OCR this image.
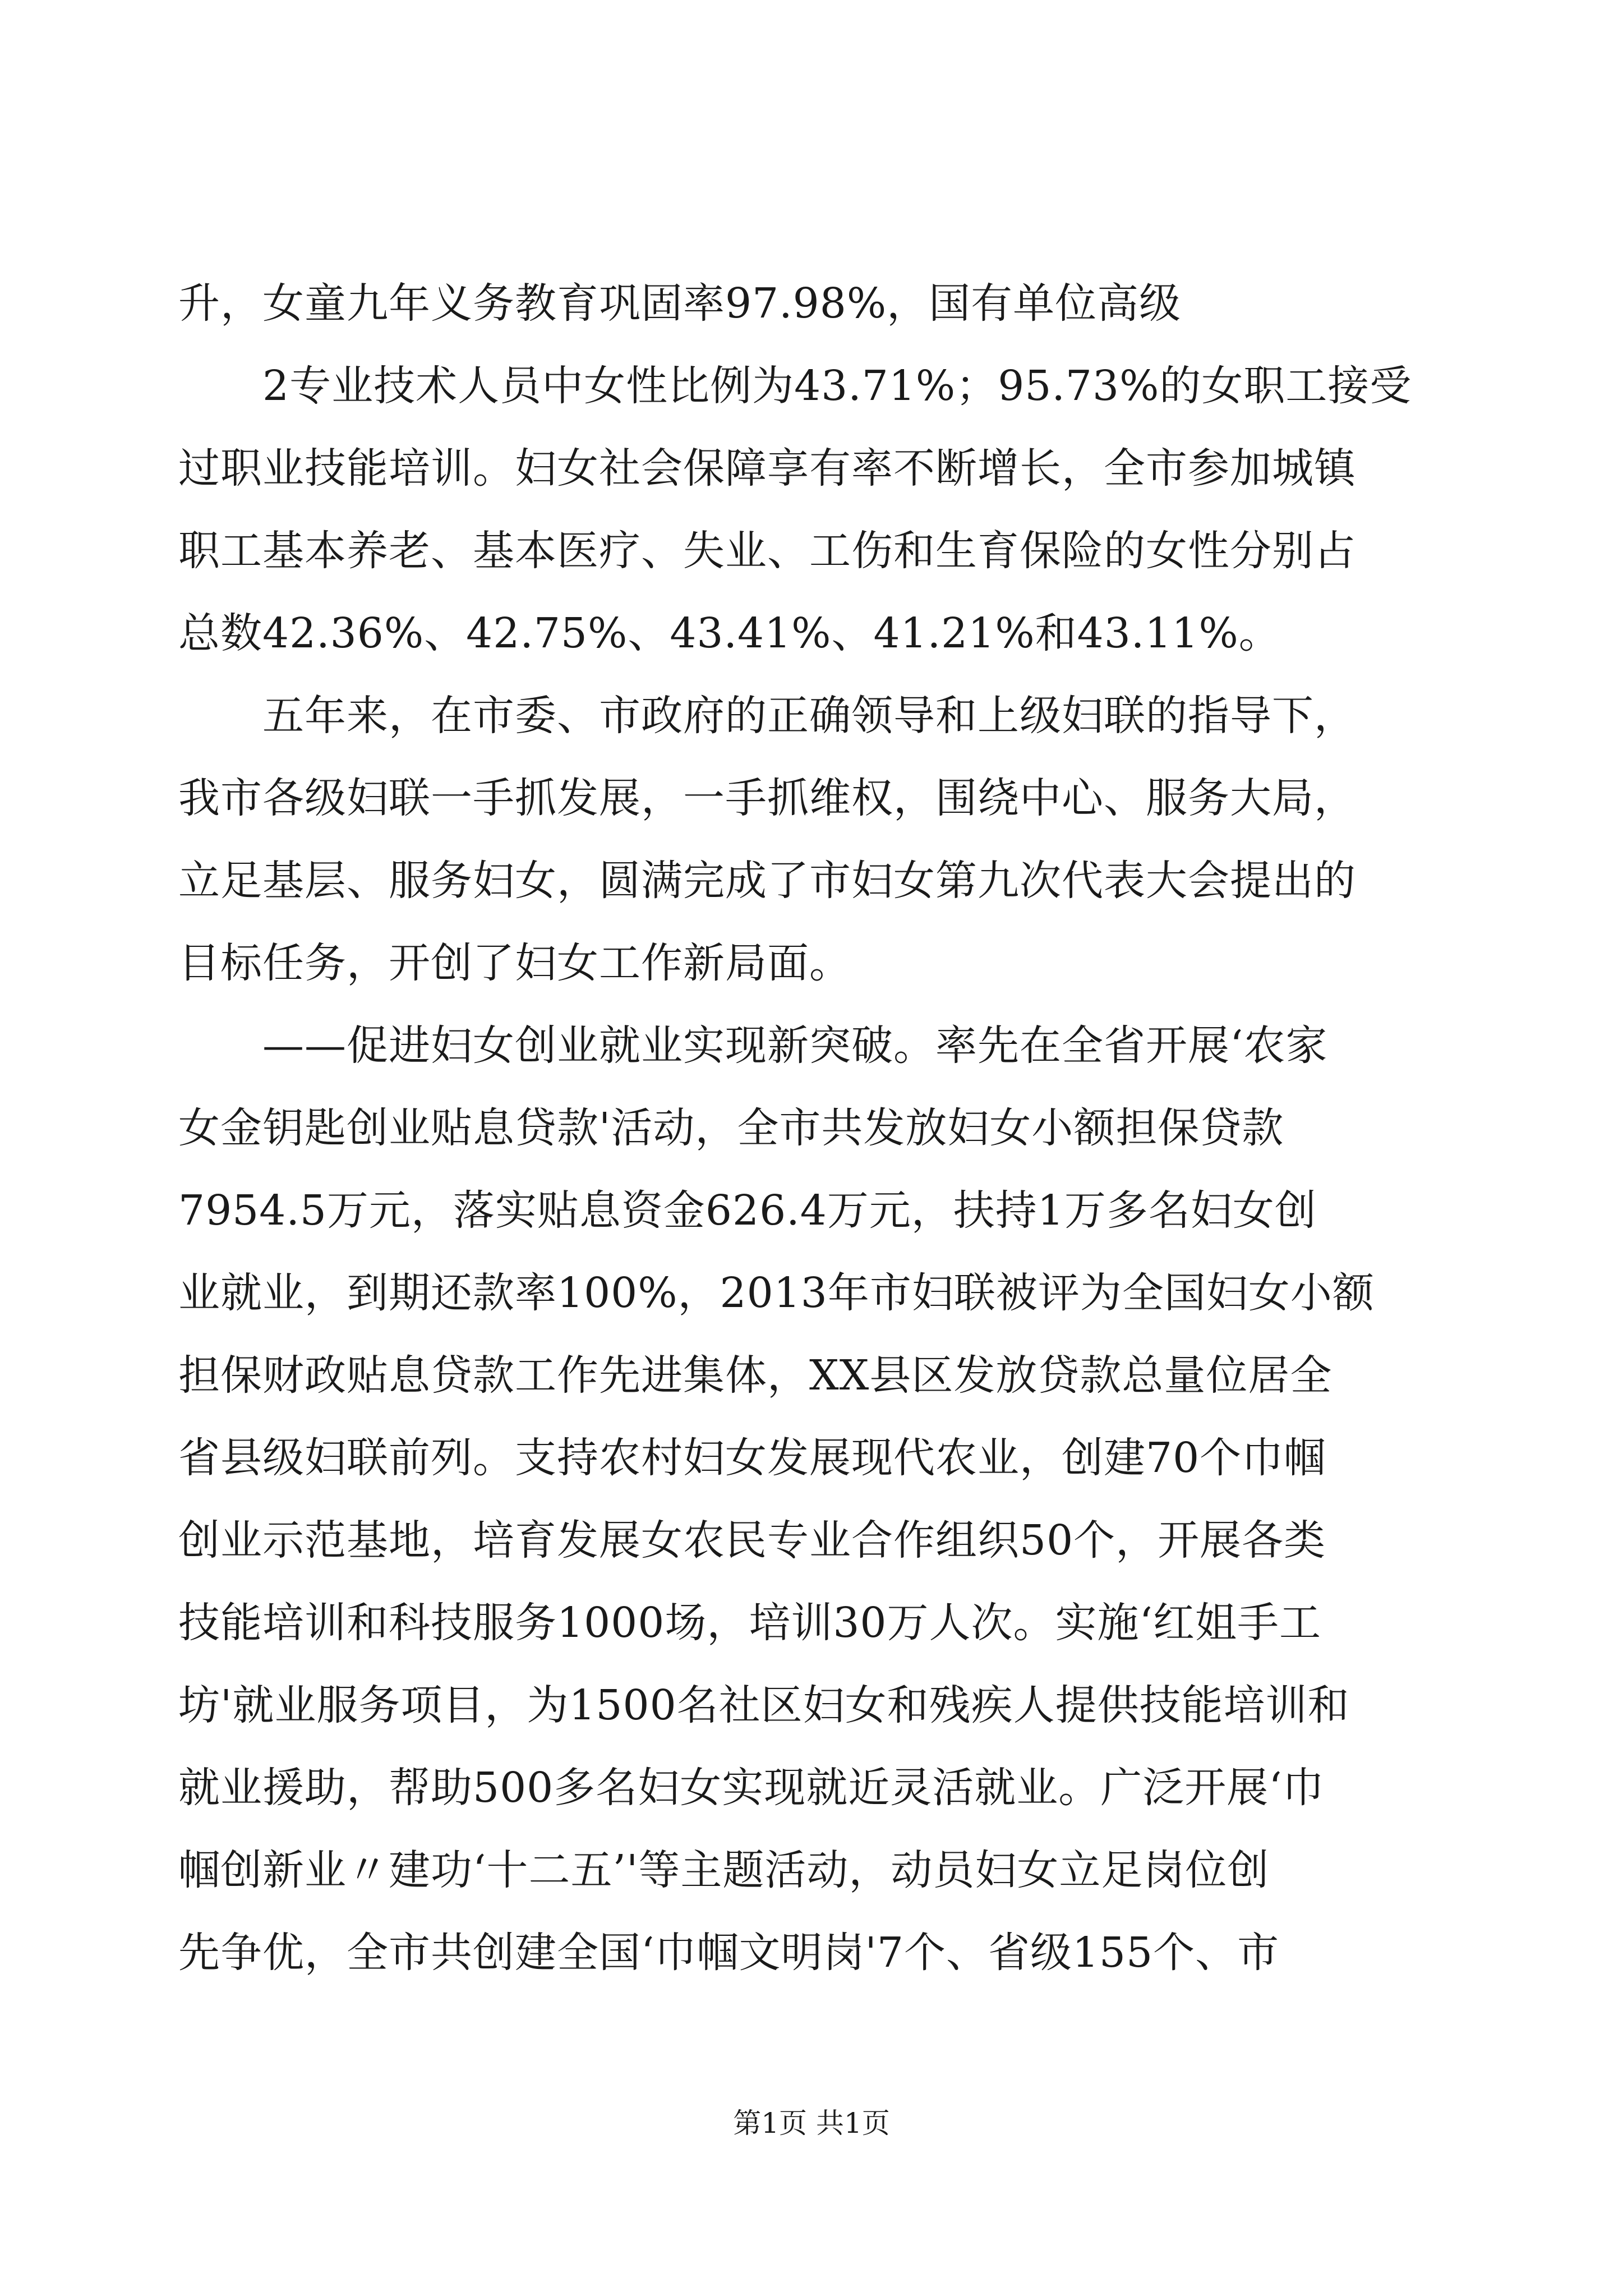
升，女童九年义务教育巩固率97.98%，国有单位高级

　　2专业技术人员中女性比例为43.71%；95.73%的女职工接受

过职业技能培训。妇女社会保障享有率不断增长，全市参加城镇

职工基本养老、基本医疗、失业、工伤和生育保险的女性分别占

总数42.36%、42.75%、43.41%、41.21%和43.11%。

　　五年来，在市委、市政府的正确领导和上级妇联的指导下，

我市各级妇联一手抓发展，一手抓维权，围绕中心、服务大局，

立足基层、服务妇女，圆满完成了市妇女第九次代表大会提出的

目标任务，开创了妇女工作新局面。

　　——促进妇女创业就业实现新突破。率先在全省开展‘农家

女金钥匙创业贴息贷款'活动，全市共发放妇女小额担保贷款

7954.5万元，落实贴息资金626.4万元，扶持1万多名妇女创

业就业，到期还款率100%，2013年市妇联被评为全国妇女小额

担保财政贴息贷款工作先进集体，XX县区发放贷款总量位居全

省县级妇联前列。支持农村妇女发展现代农业，创建70个巾帼

创业示范基地，培育发展女农民专业合作组织50个，开展各类

技能培训和科技服务1000场，培训30万人次。实施‘红姐手工

坊'就业服务项目，为1500名社区妇女和残疾人提供技能培训和

就业援助，帮助500多名妇女实现就近灵活就业。广泛开展‘巾

帼创新业〃建功‘十二五’'等主题活动，动员妇女立足岗位创

先争优，全市共创建全国‘巾帼文明岗'7个、省级155个、市

第1页 共1页
